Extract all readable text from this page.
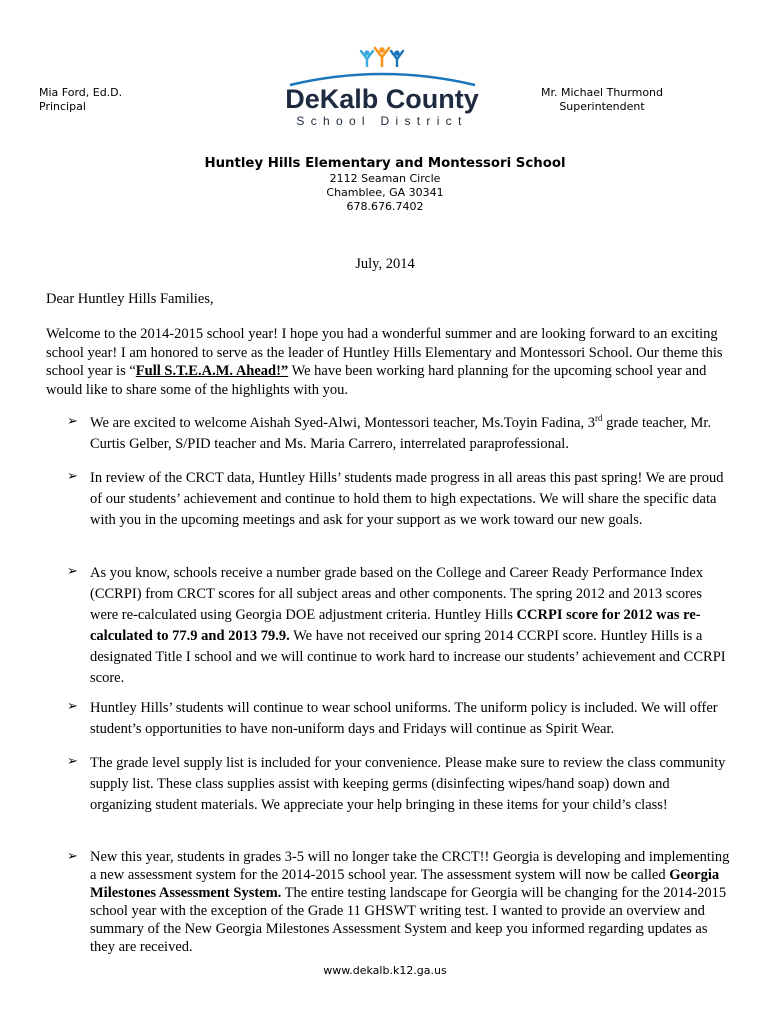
Mia Ford, Ed.D.
Principal	DeKalb County
School District
Mr. Michael Thurmond
Superintendent
Huntley Hills Elementary and Montessori School
2112 Seaman Circle
Chamblee, GA 30341
678.676.7402
July, 2014
Dear Huntley Hills Families,

Welcome to the 2014-2015 school year! I hope you had a wonderful summer and are looking forward to an exciting school year! I am honored to serve as the leader of Huntley Hills Elementary and Montessori School. Our theme this school year is “Full S.T.E.A.M. Ahead!” We have been working hard planning for the upcoming school year and would like to share some of the highlights with you.

➢ We are excited to welcome Aishah Syed-Alwi, Montessori teacher, Ms.Toyin Fadina, 3rd grade teacher, Mr. Curtis Gelber, S/PID teacher and Ms. Maria Carrero, interrelated paraprofessional.

➢ In review of the CRCT data, Huntley Hills’ students made progress in all areas this past spring! We are proud of our students’ achievement and continue to hold them to high expectations. We will share the specific data with you in the upcoming meetings and ask for your support as we work toward our new goals.

➢ As you know, schools receive a number grade based on the College and Career Ready Performance Index (CCRPI) from CRCT scores for all subject areas and other components. The spring 2012 and 2013 scores were re-calculated using Georgia DOE adjustment criteria. Huntley Hills CCRPI score for 2012 was re-calculated to 77.9 and 2013 79.9. We have not received our spring 2014 CCRPI score. Huntley Hills is a designated Title I school and we will continue to work hard to increase our students’ achievement and CCRPI score.

➢ Huntley Hills’ students will continue to wear school uniforms. The uniform policy is included. We will offer student’s opportunities to have non-uniform days and Fridays will continue as Spirit Wear.

➢ The grade level supply list is included for your convenience. Please make sure to review the class community supply list. These class supplies assist with keeping germs (disinfecting wipes/hand soap) down and organizing student materials. We appreciate your help bringing in these items for your child’s class!

➢ New this year, students in grades 3-5 will no longer take the CRCT!! Georgia is developing and implementing a new assessment system for the 2014-2015 school year. The assessment system will now be called Georgia Milestones Assessment System. The entire testing landscape for Georgia will be changing for the 2014-2015 school year with the exception of the Grade 11 GHSWT writing test. I wanted to provide an overview and summary of the New Georgia Milestones Assessment System and keep you informed regarding updates as they are received.

www.dekalb.k12.ga.us
